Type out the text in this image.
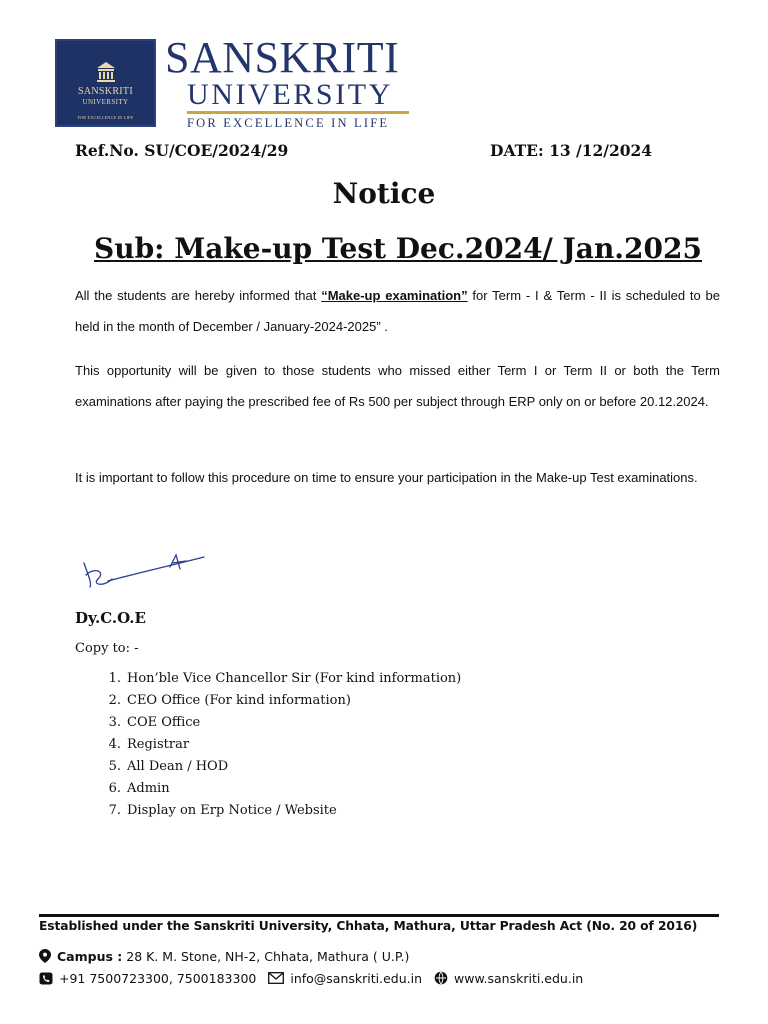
SANSKRITI
UNIVERSITY
FOR EXCELLENCE IN LIFE
SANSKRITI
UNIVERSITY
FOR EXCELLENCE IN LIFE
Ref.No. SU/COE/2024/29	DATE: 13 /12/2024
Notice
Sub: Make-up Test Dec.2024/ Jan.2025
All the students are hereby informed that “Make-up examination” for Term - I & Term - II is scheduled to be held in the month of December / January-2024-2025” .
This opportunity will be given to those students who missed either Term I or Term II or both the Term examinations after paying the prescribed fee of Rs 500 per subject through ERP only on or before 20.12.2024.
It is important to follow this procedure on time to ensure your participation in the Make-up Test examinations.
Dy.C.O.E
Copy to: -
1. Hon’ble Vice Chancellor Sir (For kind information)
2. CEO Office (For kind information)
3. COE Office
4. Registrar
5. All Dean / HOD
6. Admin
7. Display on Erp Notice / Website
Established under the Sanskriti University, Chhata, Mathura, Uttar Pradesh Act (No. 20 of 2016)
Campus : 28 K. M. Stone, NH-2, Chhata, Mathura ( U.P.)
+91 7500723300, 7500183300	info@sanskriti.edu.in	www.sanskriti.edu.in
